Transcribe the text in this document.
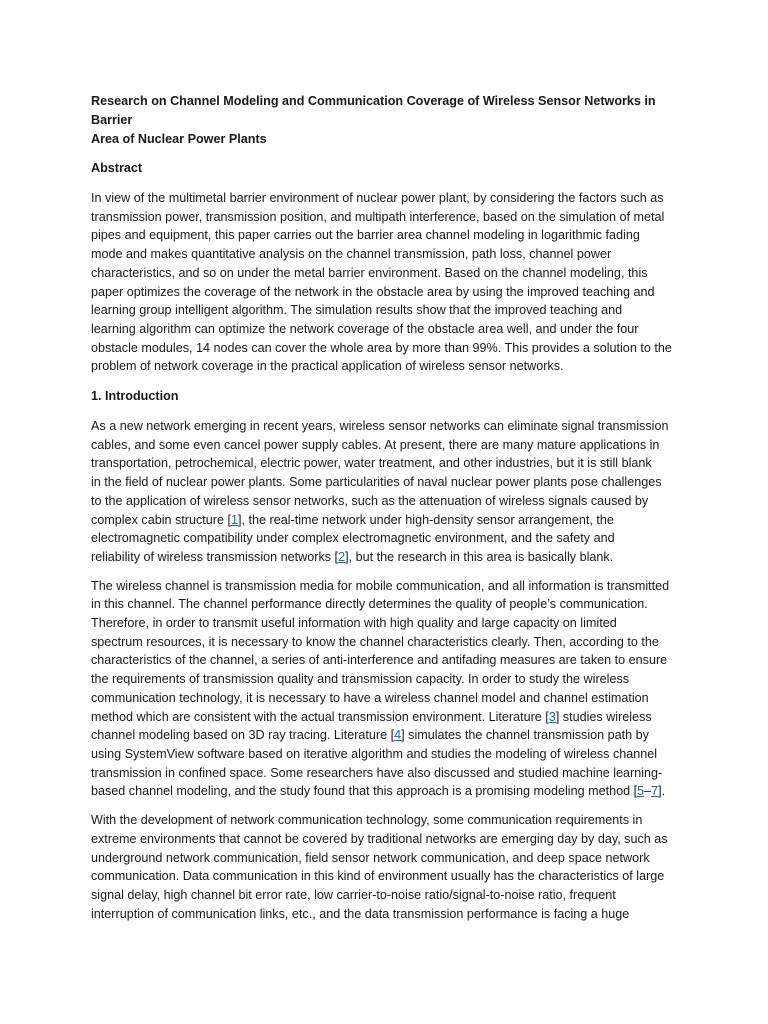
Research on Channel Modeling and Communication Coverage of Wireless Sensor Networks in Barrier
Area of Nuclear Power Plants
Abstract
In view of the multimetal barrier environment of nuclear power plant, by considering the factors such as
transmission power, transmission position, and multipath interference, based on the simulation of metal
pipes and equipment, this paper carries out the barrier area channel modeling in logarithmic fading
mode and makes quantitative analysis on the channel transmission, path loss, channel power
characteristics, and so on under the metal barrier environment. Based on the channel modeling, this
paper optimizes the coverage of the network in the obstacle area by using the improved teaching and
learning group intelligent algorithm. The simulation results show that the improved teaching and
learning algorithm can optimize the network coverage of the obstacle area well, and under the four
obstacle modules, 14 nodes can cover the whole area by more than 99%. This provides a solution to the
problem of network coverage in the practical application of wireless sensor networks.
1. Introduction
As a new network emerging in recent years, wireless sensor networks can eliminate signal transmission
cables, and some even cancel power supply cables. At present, there are many mature applications in
transportation, petrochemical, electric power, water treatment, and other industries, but it is still blank
in the field of nuclear power plants. Some particularities of naval nuclear power plants pose challenges
to the application of wireless sensor networks, such as the attenuation of wireless signals caused by
complex cabin structure [1], the real-time network under high-density sensor arrangement, the
electromagnetic compatibility under complex electromagnetic environment, and the safety and
reliability of wireless transmission networks [2], but the research in this area is basically blank.
The wireless channel is transmission media for mobile communication, and all information is transmitted
in this channel. The channel performance directly determines the quality of people’s communication.
Therefore, in order to transmit useful information with high quality and large capacity on limited
spectrum resources, it is necessary to know the channel characteristics clearly. Then, according to the
characteristics of the channel, a series of anti-interference and antifading measures are taken to ensure
the requirements of transmission quality and transmission capacity. In order to study the wireless
communication technology, it is necessary to have a wireless channel model and channel estimation
method which are consistent with the actual transmission environment. Literature [3] studies wireless
channel modeling based on 3D ray tracing. Literature [4] simulates the channel transmission path by
using SystemView software based on iterative algorithm and studies the modeling of wireless channel
transmission in confined space. Some researchers have also discussed and studied machine learning-
based channel modeling, and the study found that this approach is a promising modeling method [5–7].
With the development of network communication technology, some communication requirements in
extreme environments that cannot be covered by traditional networks are emerging day by day, such as
underground network communication, field sensor network communication, and deep space network
communication. Data communication in this kind of environment usually has the characteristics of large
signal delay, high channel bit error rate, low carrier-to-noise ratio/signal-to-noise ratio, frequent
interruption of communication links, etc., and the data transmission performance is facing a huge
